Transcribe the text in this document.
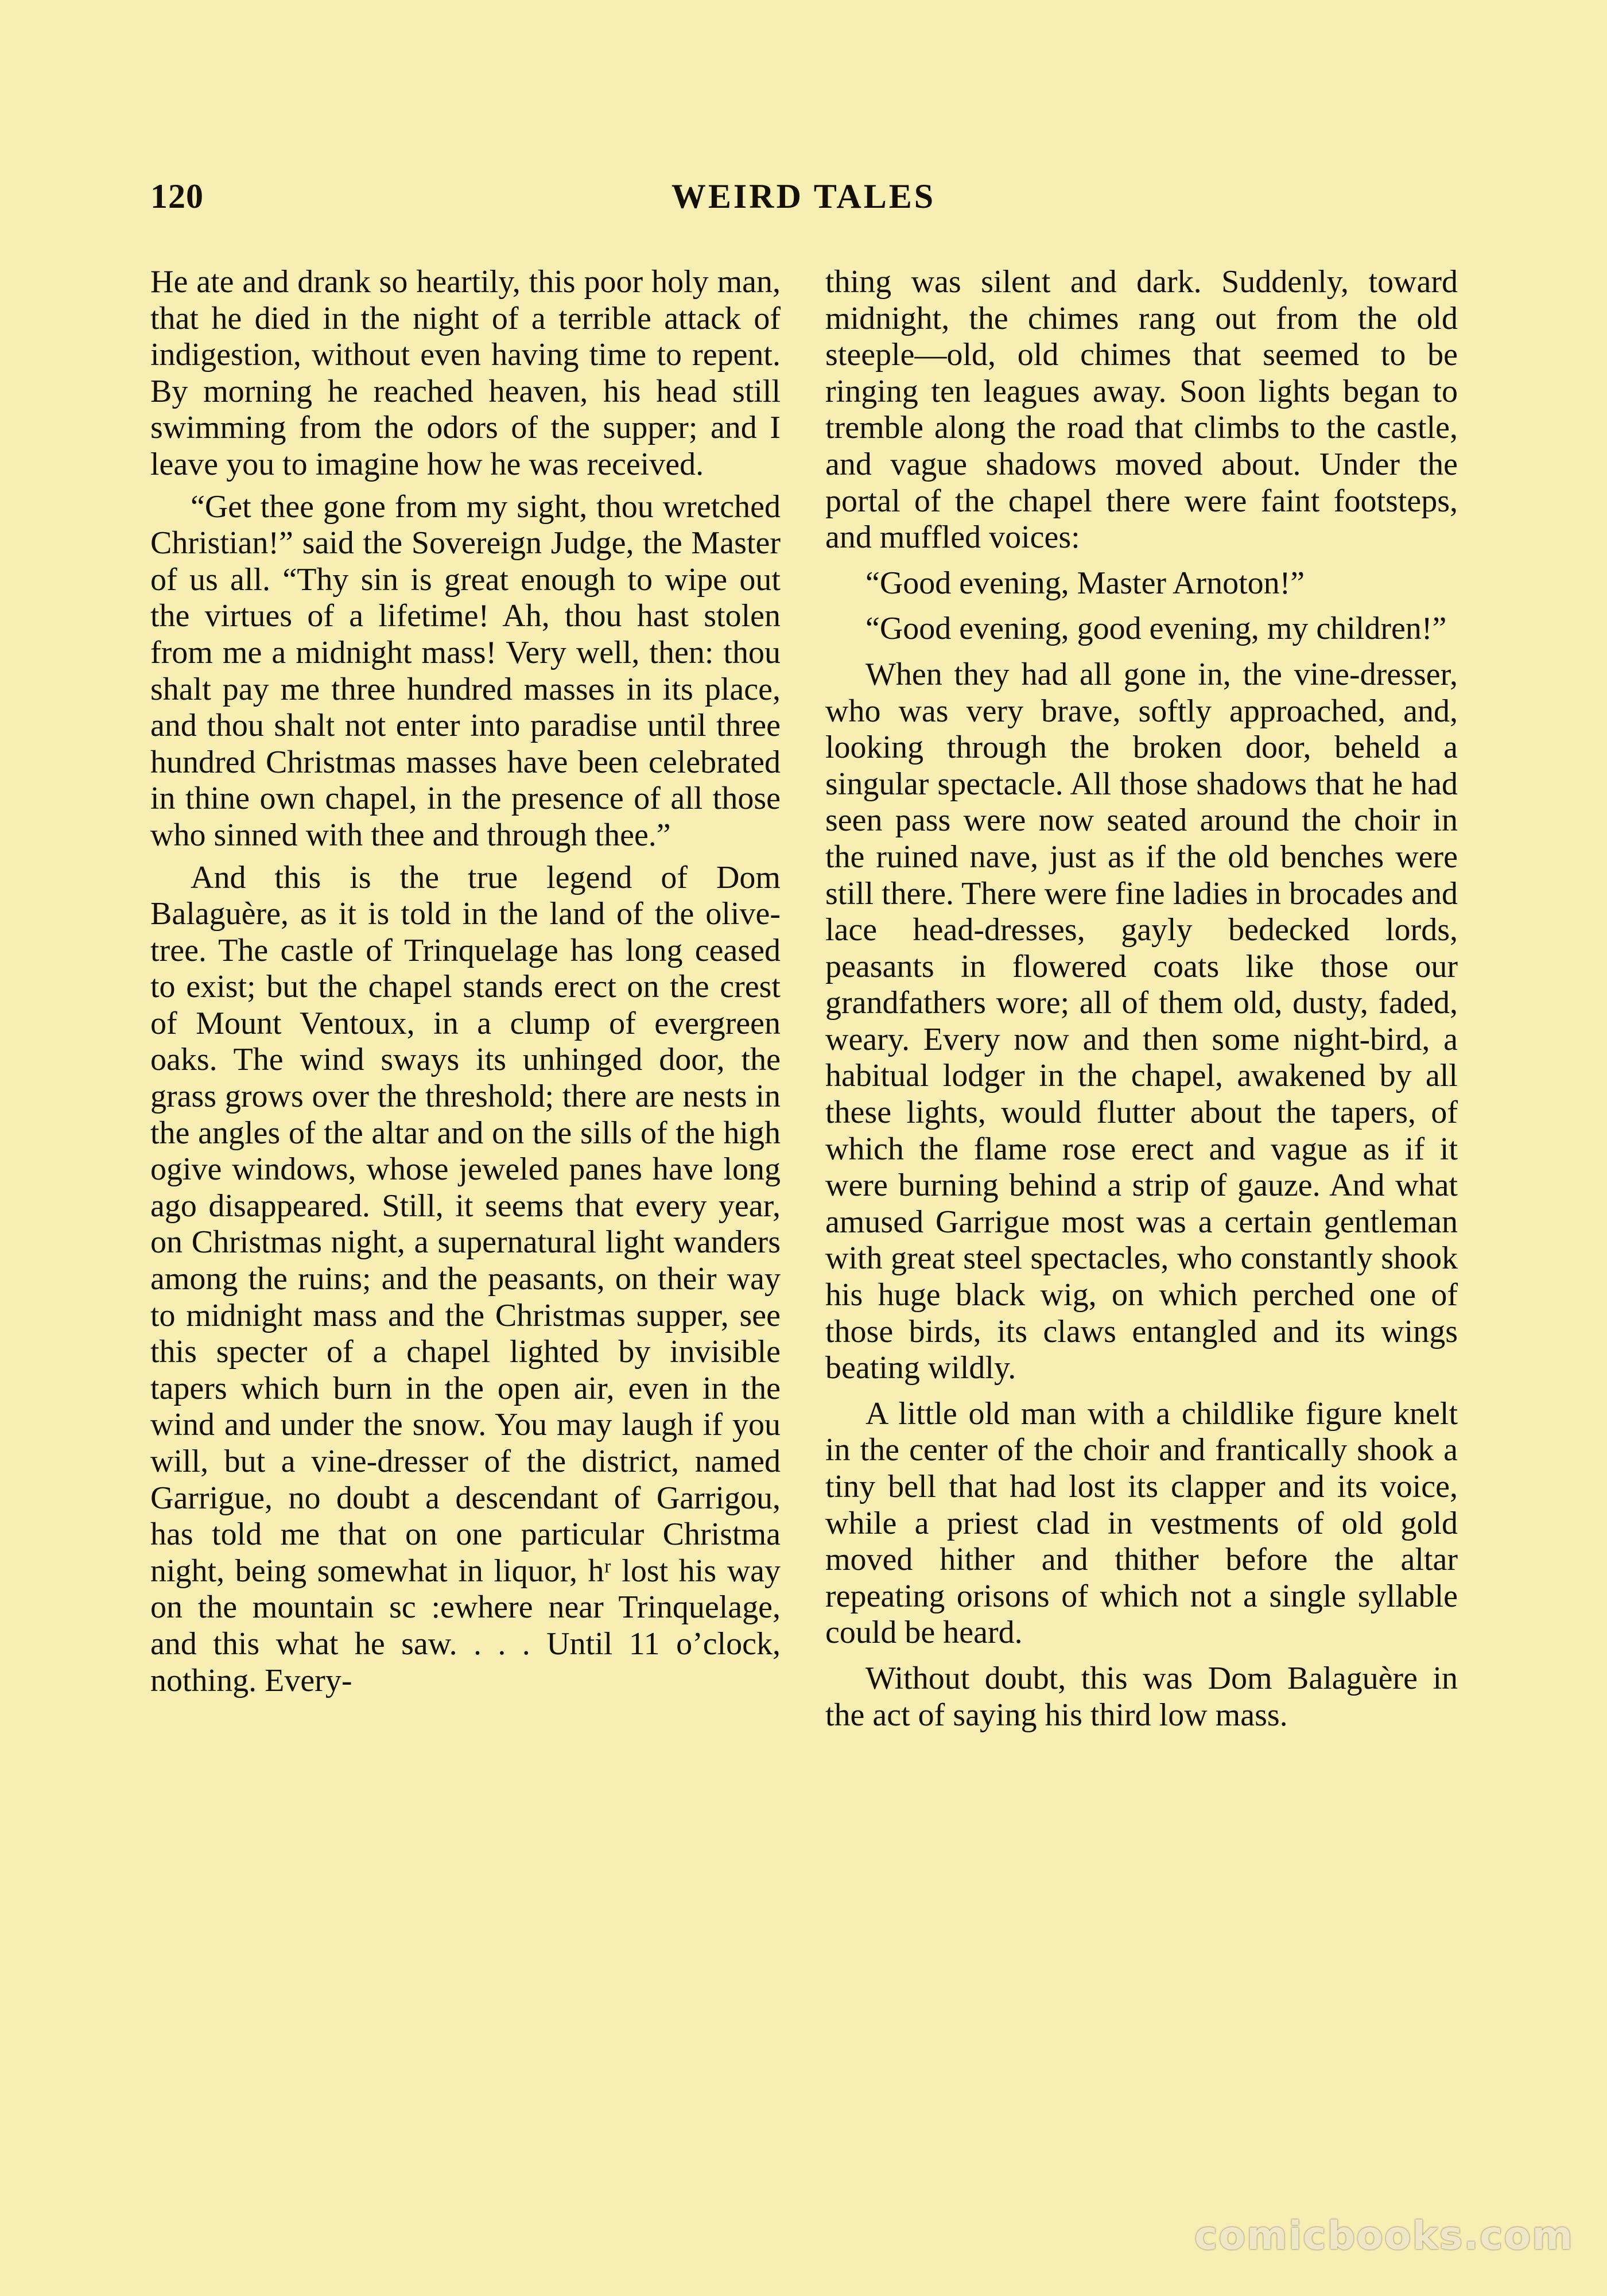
120	WEIRD TALES

He ate and drank so heartily, this poor holy man, that he died in the night of a terrible attack of indigestion, without even having time to repent. By morning he reached heaven, his head still swimming from the odors of the supper; and I leave you to imagine how he was received.

“Get thee gone from my sight, thou wretched Christian!” said the Sovereign Judge, the Master of us all. “Thy sin is great enough to wipe out the virtues of a lifetime! Ah, thou hast stolen from me a midnight mass! Very well, then: thou shalt pay me three hundred masses in its place, and thou shalt not enter into paradise until three hundred Christmas masses have been celebrated in thine own chapel, in the presence of all those who sinned with thee and through thee.”

And this is the true legend of Dom Balaguère, as it is told in the land of the olive-tree. The castle of Trinquelage has long ceased to exist; but the chapel stands erect on the crest of Mount Ventoux, in a clump of evergreen oaks. The wind sways its unhinged door, the grass grows over the threshold; there are nests in the angles of the altar and on the sills of the high ogive windows, whose jeweled panes have long ago disappeared. Still, it seems that every year, on Christmas night, a supernatural light wanders among the ruins; and the peasants, on their way to midnight mass and the Christmas supper, see this specter of a chapel lighted by invisible tapers which burn in the open air, even in the wind and under the snow. You may laugh if you will, but a vine-dresser of the district, named Garrigue, no doubt a descendant of Garrigou, has told me that on one particular Christma night, being somewhat in liquor, hʳ lost his way on the mountain sc :ewhere near Trinquelage, and this what he saw. . . . Until 11 o’clock, nothing. Every-

thing was silent and dark. Suddenly, toward midnight, the chimes rang out from the old steeple—old, old chimes that seemed to be ringing ten leagues away. Soon lights began to tremble along the road that climbs to the castle, and vague shadows moved about. Under the portal of the chapel there were faint footsteps, and muffled voices:

“Good evening, Master Arnoton!”

“Good evening, good evening, my children!”

When they had all gone in, the vine-dresser, who was very brave, softly approached, and, looking through the broken door, beheld a singular spectacle. All those shadows that he had seen pass were now seated around the choir in the ruined nave, just as if the old benches were still there. There were fine ladies in brocades and lace head-dresses, gayly bedecked lords, peasants in flowered coats like those our grandfathers wore; all of them old, dusty, faded, weary. Every now and then some night-bird, a habitual lodger in the chapel, awakened by all these lights, would flutter about the tapers, of which the flame rose erect and vague as if it were burning behind a strip of gauze. And what amused Garrigue most was a certain gentleman with great steel spectacles, who constantly shook his huge black wig, on which perched one of those birds, its claws entangled and its wings beating wildly.

A little old man with a childlike figure knelt in the center of the choir and frantically shook a tiny bell that had lost its clapper and its voice, while a priest clad in vestments of old gold moved hither and thither before the altar repeating orisons of which not a single syllable could be heard.

Without doubt, this was Dom Balaguère in the act of saying his third low mass.

comicbooks.com
